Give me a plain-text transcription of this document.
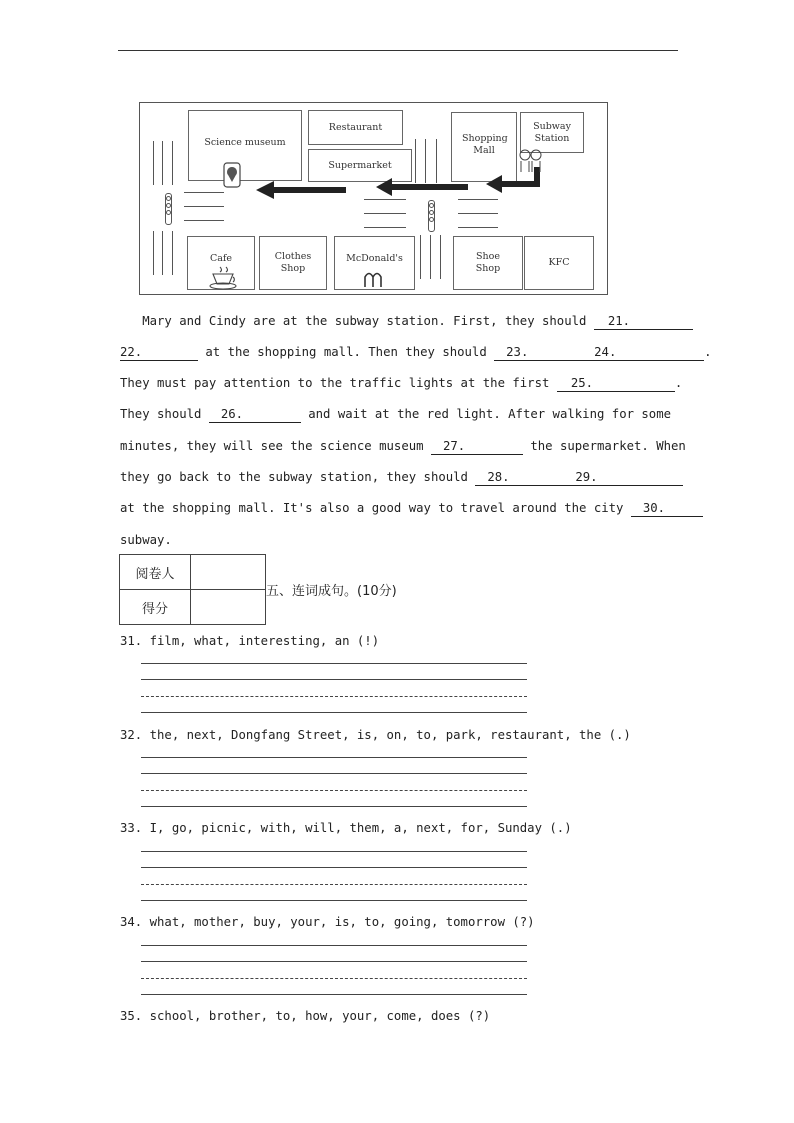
Science museum
Restaurant
Supermarket
Shopping Mall
Subway Station
Cafe	Clothes Shop
McDonald's	Shoe Shop
KFC
Mary and Cindy are at the subway station. First, they should 21.
22.	at the shopping mall. Then they should 23.	24.	.
They must pay attention to the traffic lights at the first 25.	.
They should 26.	and wait at the red light. After walking for some
minutes, they will see the science museum 27.	the supermarket. When
they go back to the subway station, they should 28.	29.
at the shopping mall. It's also a good way to travel around the city 30.
subway.
阅卷人	
得分	
五、连词成句。(10分)
31. film, what, interesting, an (!)
32. the, next, Dongfang Street, is, on, to, park, restaurant, the (.)
33. I, go, picnic, with, will, them, a, next, for, Sunday (.)
34. what, mother, buy, your, is, to, going, tomorrow (?)
35. school, brother, to, how, your, come, does (?)
